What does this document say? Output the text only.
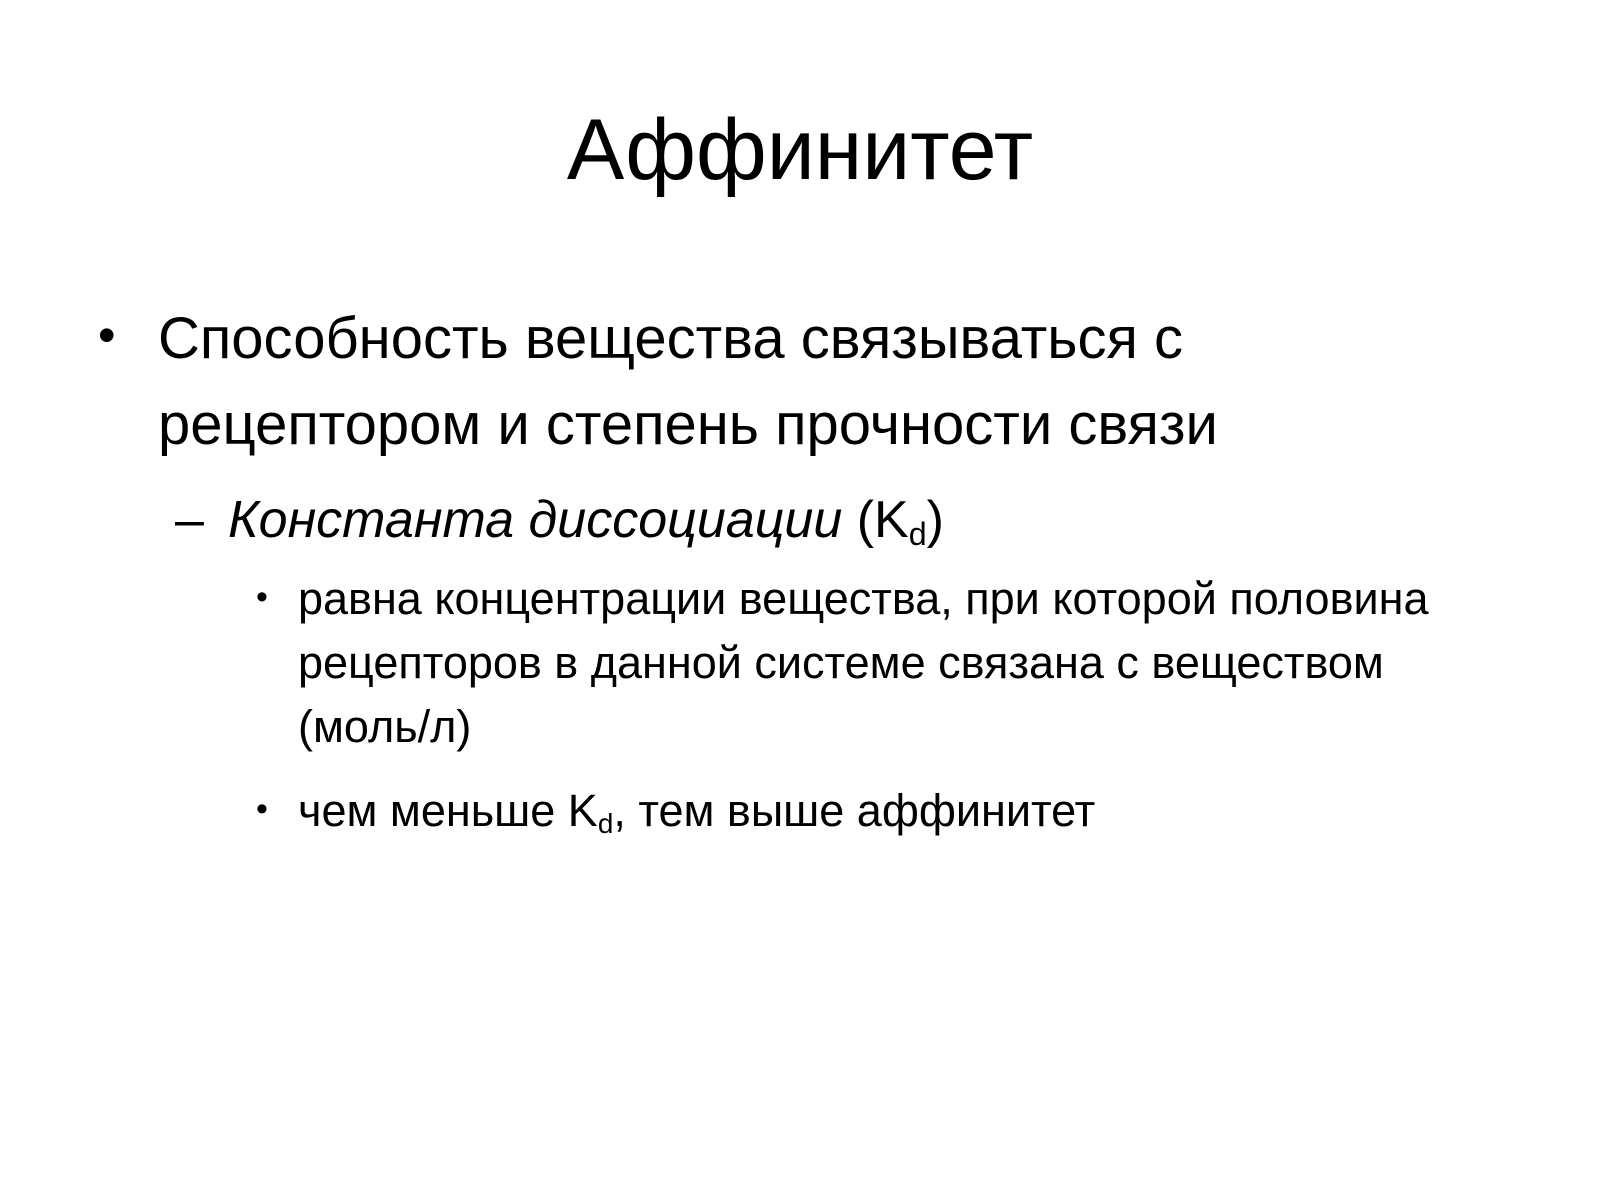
Аффинитет
• Способность вещества связываться с рецептором и степень прочности связи
– Константа диссоциации $(K_d)$
• равна концентрации вещества, при которой половина рецепторов в данной системе связана с веществом (моль/л)
• чем меньше $K_d$, тем выше аффинитет
